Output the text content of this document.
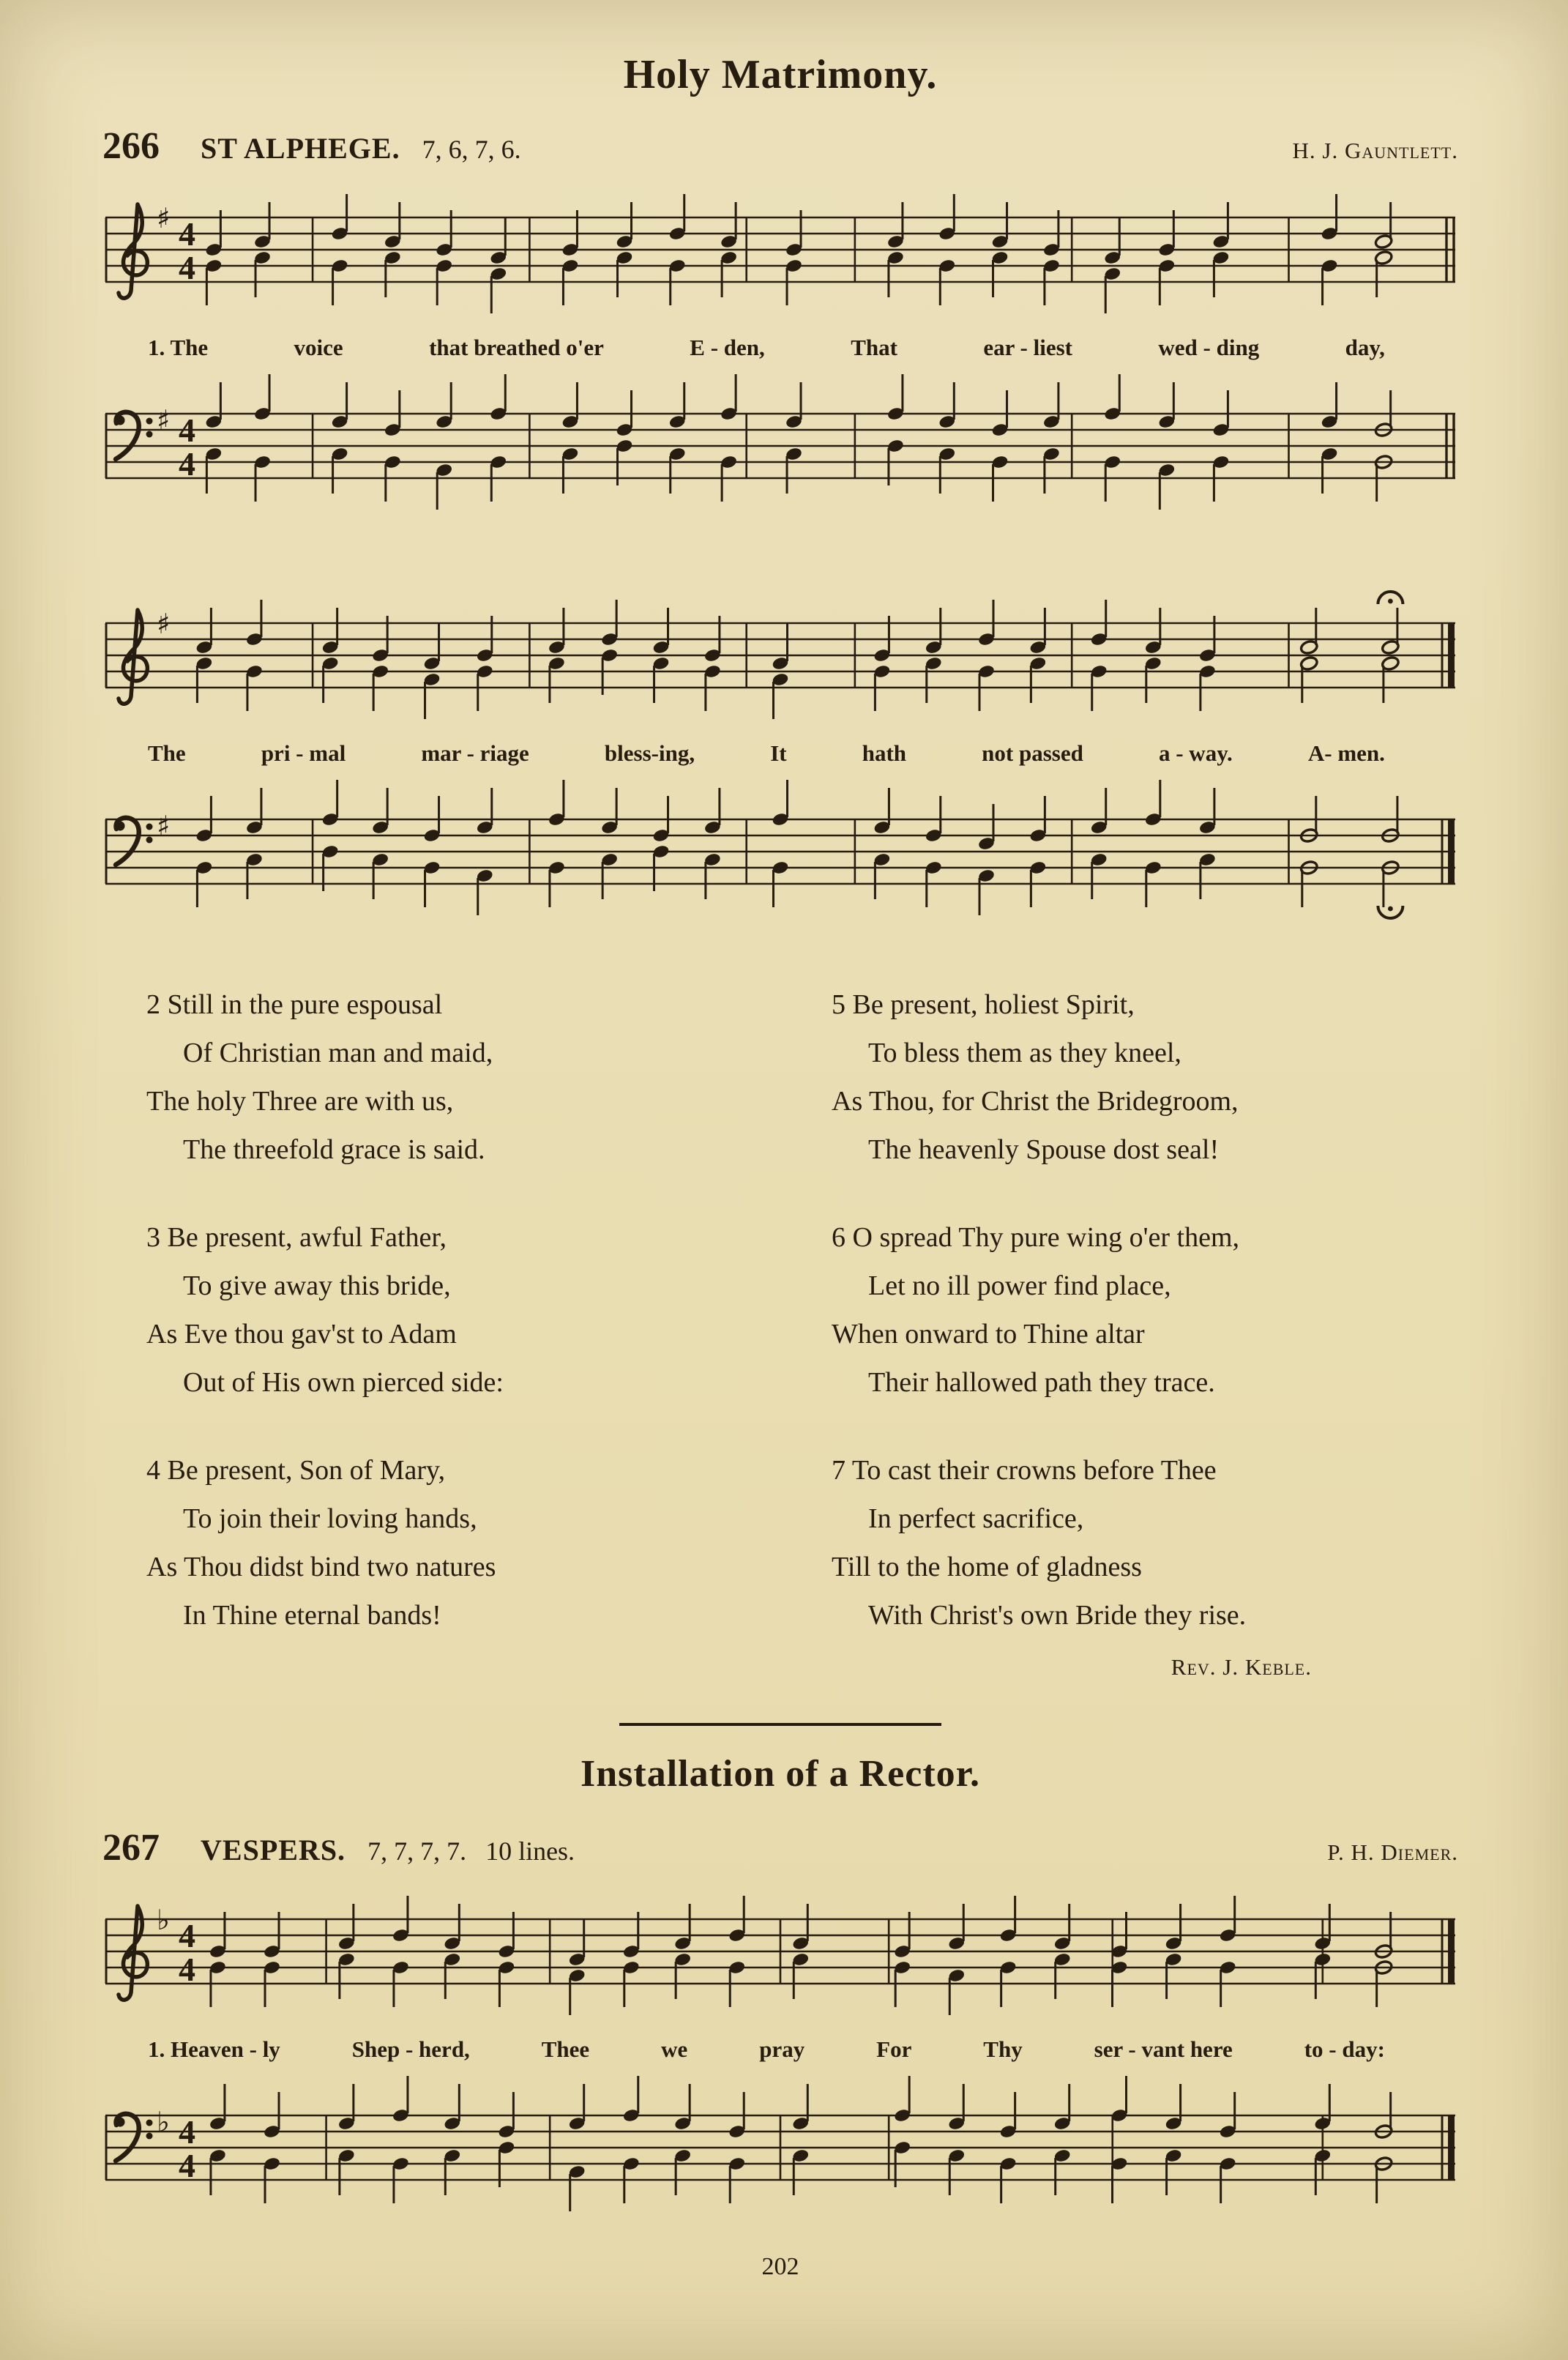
Holy Matrimony.
266 ST ALPHEGE. 7, 6, 7, 6.	H. J. Gauntlett.
♯ 4
4
1. The	voice	that breathed o'er	E - den,	That	ear - liest	wed - ding	day,
♯ 4
4
♯
The	pri - mal	mar - riage	bless-ing,	It	hath	not passed	a - way.	A- men.
♯
2 Still in the pure espousal
Of Christian man and maid,
The holy Three are with us,
The threefold grace is said.
3 Be present, awful Father,
To give away this bride,
As Eve thou gav'st to Adam
Out of His own pierced side:
4 Be present, Son of Mary,
To join their loving hands,
As Thou didst bind two natures
In Thine eternal bands!
5 Be present, holiest Spirit,
To bless them as they kneel,
As Thou, for Christ the Bridegroom,
The heavenly Spouse dost seal!
6 O spread Thy pure wing o'er them,
Let no ill power find place,
When onward to Thine altar
Their hallowed path they trace.
7 To cast their crowns before Thee
In perfect sacrifice,
Till to the home of gladness
With Christ's own Bride they rise.
Rev. J. Keble.
Installation of a Rector.
267 VESPERS. 7, 7, 7, 7. 10 lines.	P. H. Diemer.
♭ 4
4
1. Heaven - ly	Shep - herd,	Thee	we	pray	For	Thy	ser - vant here	to - day:
♭ 4
4
202
